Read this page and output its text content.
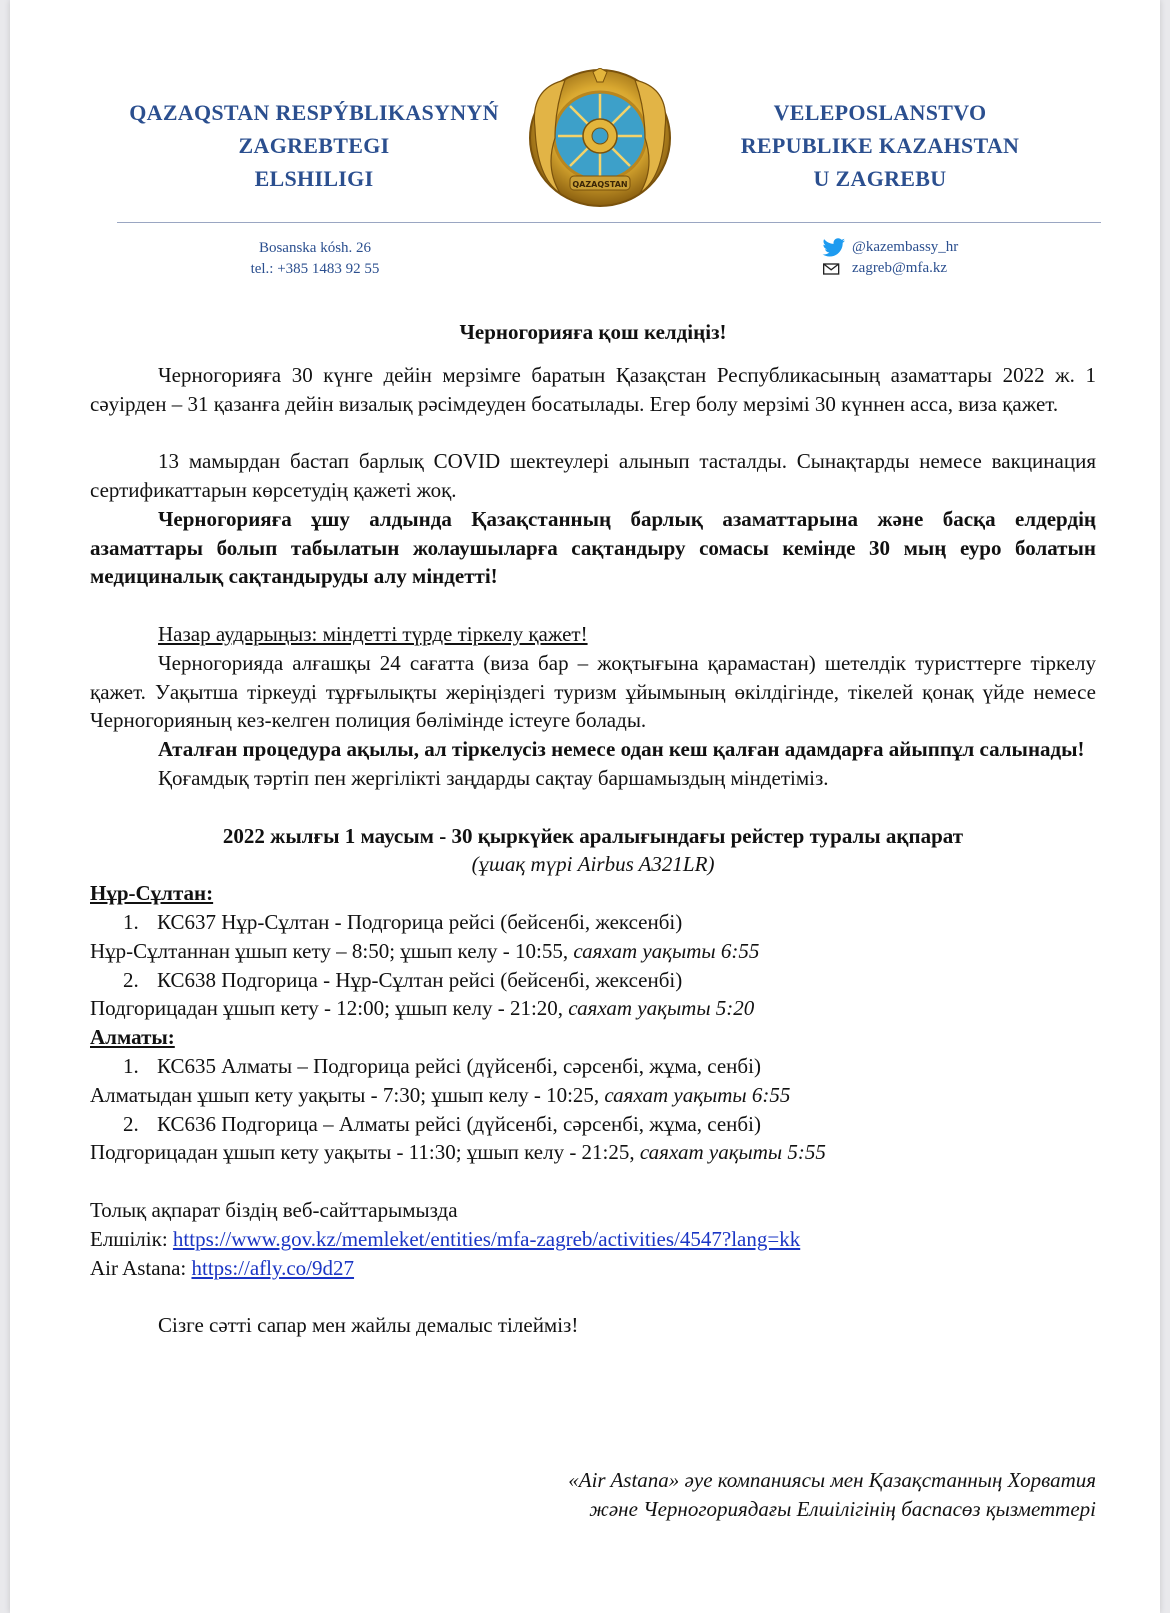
QAZAQSTAN RESPÝBLIKASYNYŃ
ZAGREBTEGI
ELSHILIGI	QAZAQSTAN
VELEPOSLANSTVO
REPUBLIKE KAZAHSTAN
U ZAGREBU
Bosanska kósh. 26
tel.: +385 1483 92 55
@kazembassy_hr
zagreb@mfa.kz
Черногорияға қош келдіңіз!

Черногорияға 30 күнге дейін мерзімге баратын Қазақстан Республикасының азаматтары 2022 ж. 1 сәуірден – 31 қазанға дейін визалық рәсімдеуден босатылады. Егер болу мерзімі 30 күннен асса, виза қажет.

13 мамырдан бастап барлық COVID шектеулері алынып тасталды. Сынақтарды немесе вакцинация сертификаттарын көрсетудің қажеті жоқ.

Черногорияға ұшу алдында Қазақстанның барлық азаматтарына және басқа елдердің азаматтары болып табылатын жолаушыларға сақтандыру сомасы кемінде 30 мың еуро болатын медициналық сақтандыруды алу міндетті!

Назар аударыңыз: міндетті түрде тіркелу қажет!

Черногорияда алғашқы 24 сағатта (виза бар – жоқтығына қарамастан) шетелдік туристтерге тіркелу қажет. Уақытша тіркеуді тұрғылықты жеріңіздегі туризм ұйымының өкілдігінде, тікелей қонақ үйде немесе Черногорияның кез-келген полиция бөлімінде істеуге болады.

Аталған процедура ақылы, ал тіркелусіз немесе одан кеш қалған адамдарға айыппұл салынады!

Қоғамдық тәртіп пен жергілікті заңдарды сақтау баршамыздың міндетіміз.

2022 жылғы 1 маусым - 30 қыркүйек аралығындағы рейстер туралы ақпарат
(ұшақ түрі Airbus A321LR)
Нұр-Сұлтан:
1. КС637 Нұр-Сұлтан - Подгорица рейсі (бейсенбі, жексенбі)
Нұр-Сұлтаннан ұшып кету – 8:50; ұшып келу - 10:55, саяхат уақыты 6:55
2. КС638 Подгорица - Нұр-Сұлтан рейсі (бейсенбі, жексенбі)
Подгорицадан ұшып кету - 12:00; ұшып келу - 21:20, саяхат уақыты 5:20
Алматы:
1. КС635 Алматы – Подгорица рейсі (дүйсенбі, сәрсенбі, жұма, сенбі)
Алматыдан ұшып кету уақыты - 7:30; ұшып келу - 10:25, саяхат уақыты 6:55
2. КС636 Подгорица – Алматы рейсі (дүйсенбі, сәрсенбі, жұма, сенбі)
Подгорицадан ұшып кету уақыты - 11:30; ұшып келу - 21:25, саяхат уақыты 5:55
Толық ақпарат біздің веб-сайттарымызда
Елшілік: https://www.gov.kz/memleket/entities/mfa-zagreb/activities/4547?lang=kk
Air Astana: https://afly.co/9d27

Сізге сәтті сапар мен жайлы демалыс тілейміз!

«Air Astana» әуе компаниясы мен Қазақстанның Хорватия
және Черногориядағы Елшілігінің баспасөз қызметтері
